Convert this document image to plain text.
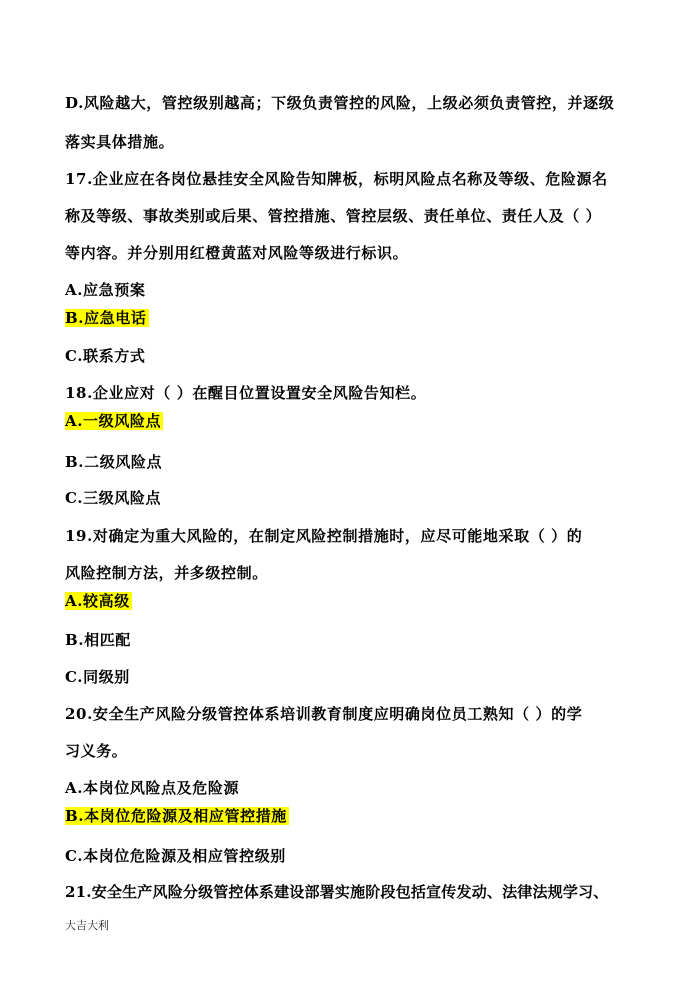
D.风险越大，管控级别越高；下级负责管控的风险，上级必须负责管控，并逐级
落实具体措施。
17.企业应在各岗位悬挂安全风险告知牌板，标明风险点名称及等级、危险源名
称及等级、事故类别或后果、管控措施、管控层级、责任单位、责任人及（ ）
等内容。并分别用红橙黄蓝对风险等级进行标识。
A.应急预案
B.应急电话
C.联系方式
18.企业应对（ ）在醒目位置设置安全风险告知栏。
A.一级风险点
B.二级风险点
C.三级风险点
19.对确定为重大风险的，在制定风险控制措施时，应尽可能地采取（ ）的
风险控制方法，并多级控制。
A.较高级
B.相匹配
C.同级别
20.安全生产风险分级管控体系培训教育制度应明确岗位员工熟知（ ）的学
习义务。
A.本岗位风险点及危险源
B.本岗位危险源及相应管控措施
C.本岗位危险源及相应管控级别
21.安全生产风险分级管控体系建设部署实施阶段包括宣传发动、法律法规学习、
大吉大利
